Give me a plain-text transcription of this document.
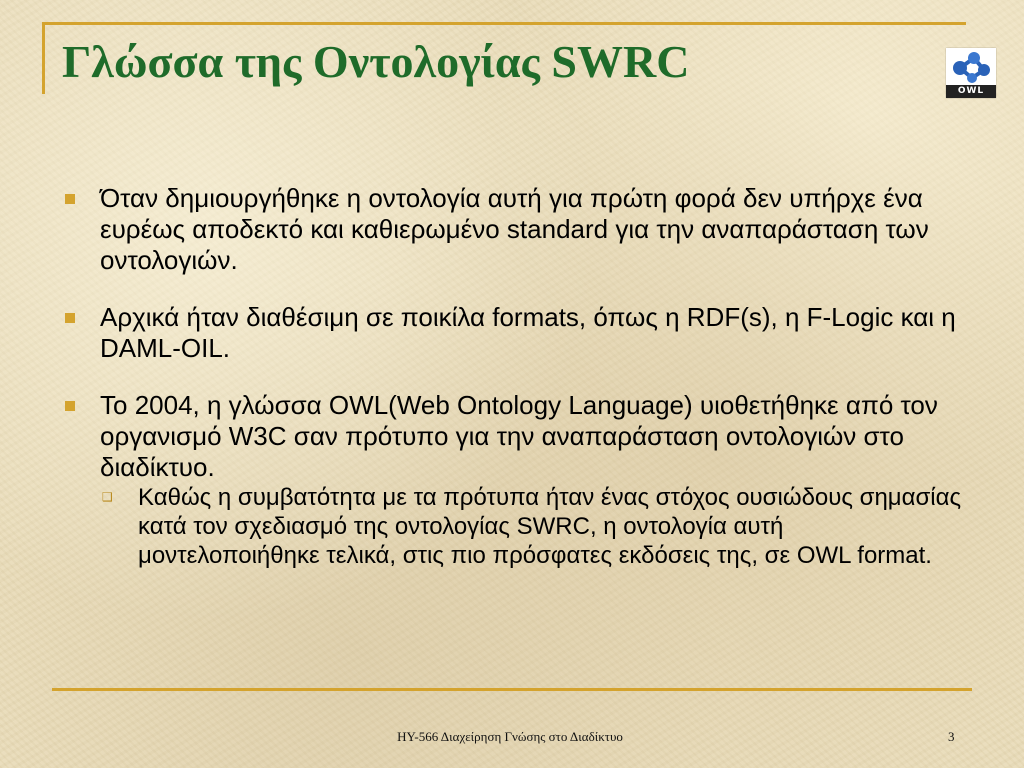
Γλώσσα της Οντολογίας SWRC
OWL
Όταν δημιουργήθηκε η οντολογία αυτή για πρώτη φορά δεν υπήρχε ένα ευρέως αποδεκτό και καθιερωμένο standard για την αναπαράσταση των οντολογιών.
Αρχικά ήταν διαθέσιμη σε ποικίλα formats, όπως η RDF(s), η F-Logic και η DAML-OIL.
Το 2004, η γλώσσα OWL(Web Ontology Language) υιοθετήθηκε από τον οργανισμό W3C σαν πρότυπο για την αναπαράσταση οντολογιών στο διαδίκτυο.
❑ Καθώς η συμβατότητα με τα πρότυπα ήταν ένας στόχος ουσιώδους σημασίας κατά τον σχεδιασμό της οντολογίας SWRC, η οντολογία αυτή μοντελοποιήθηκε τελικά, στις πιο πρόσφατες εκδόσεις της, σε OWL format.
ΗΥ-566 Διαχείρηση Γνώσης στο Διαδίκτυο	3
